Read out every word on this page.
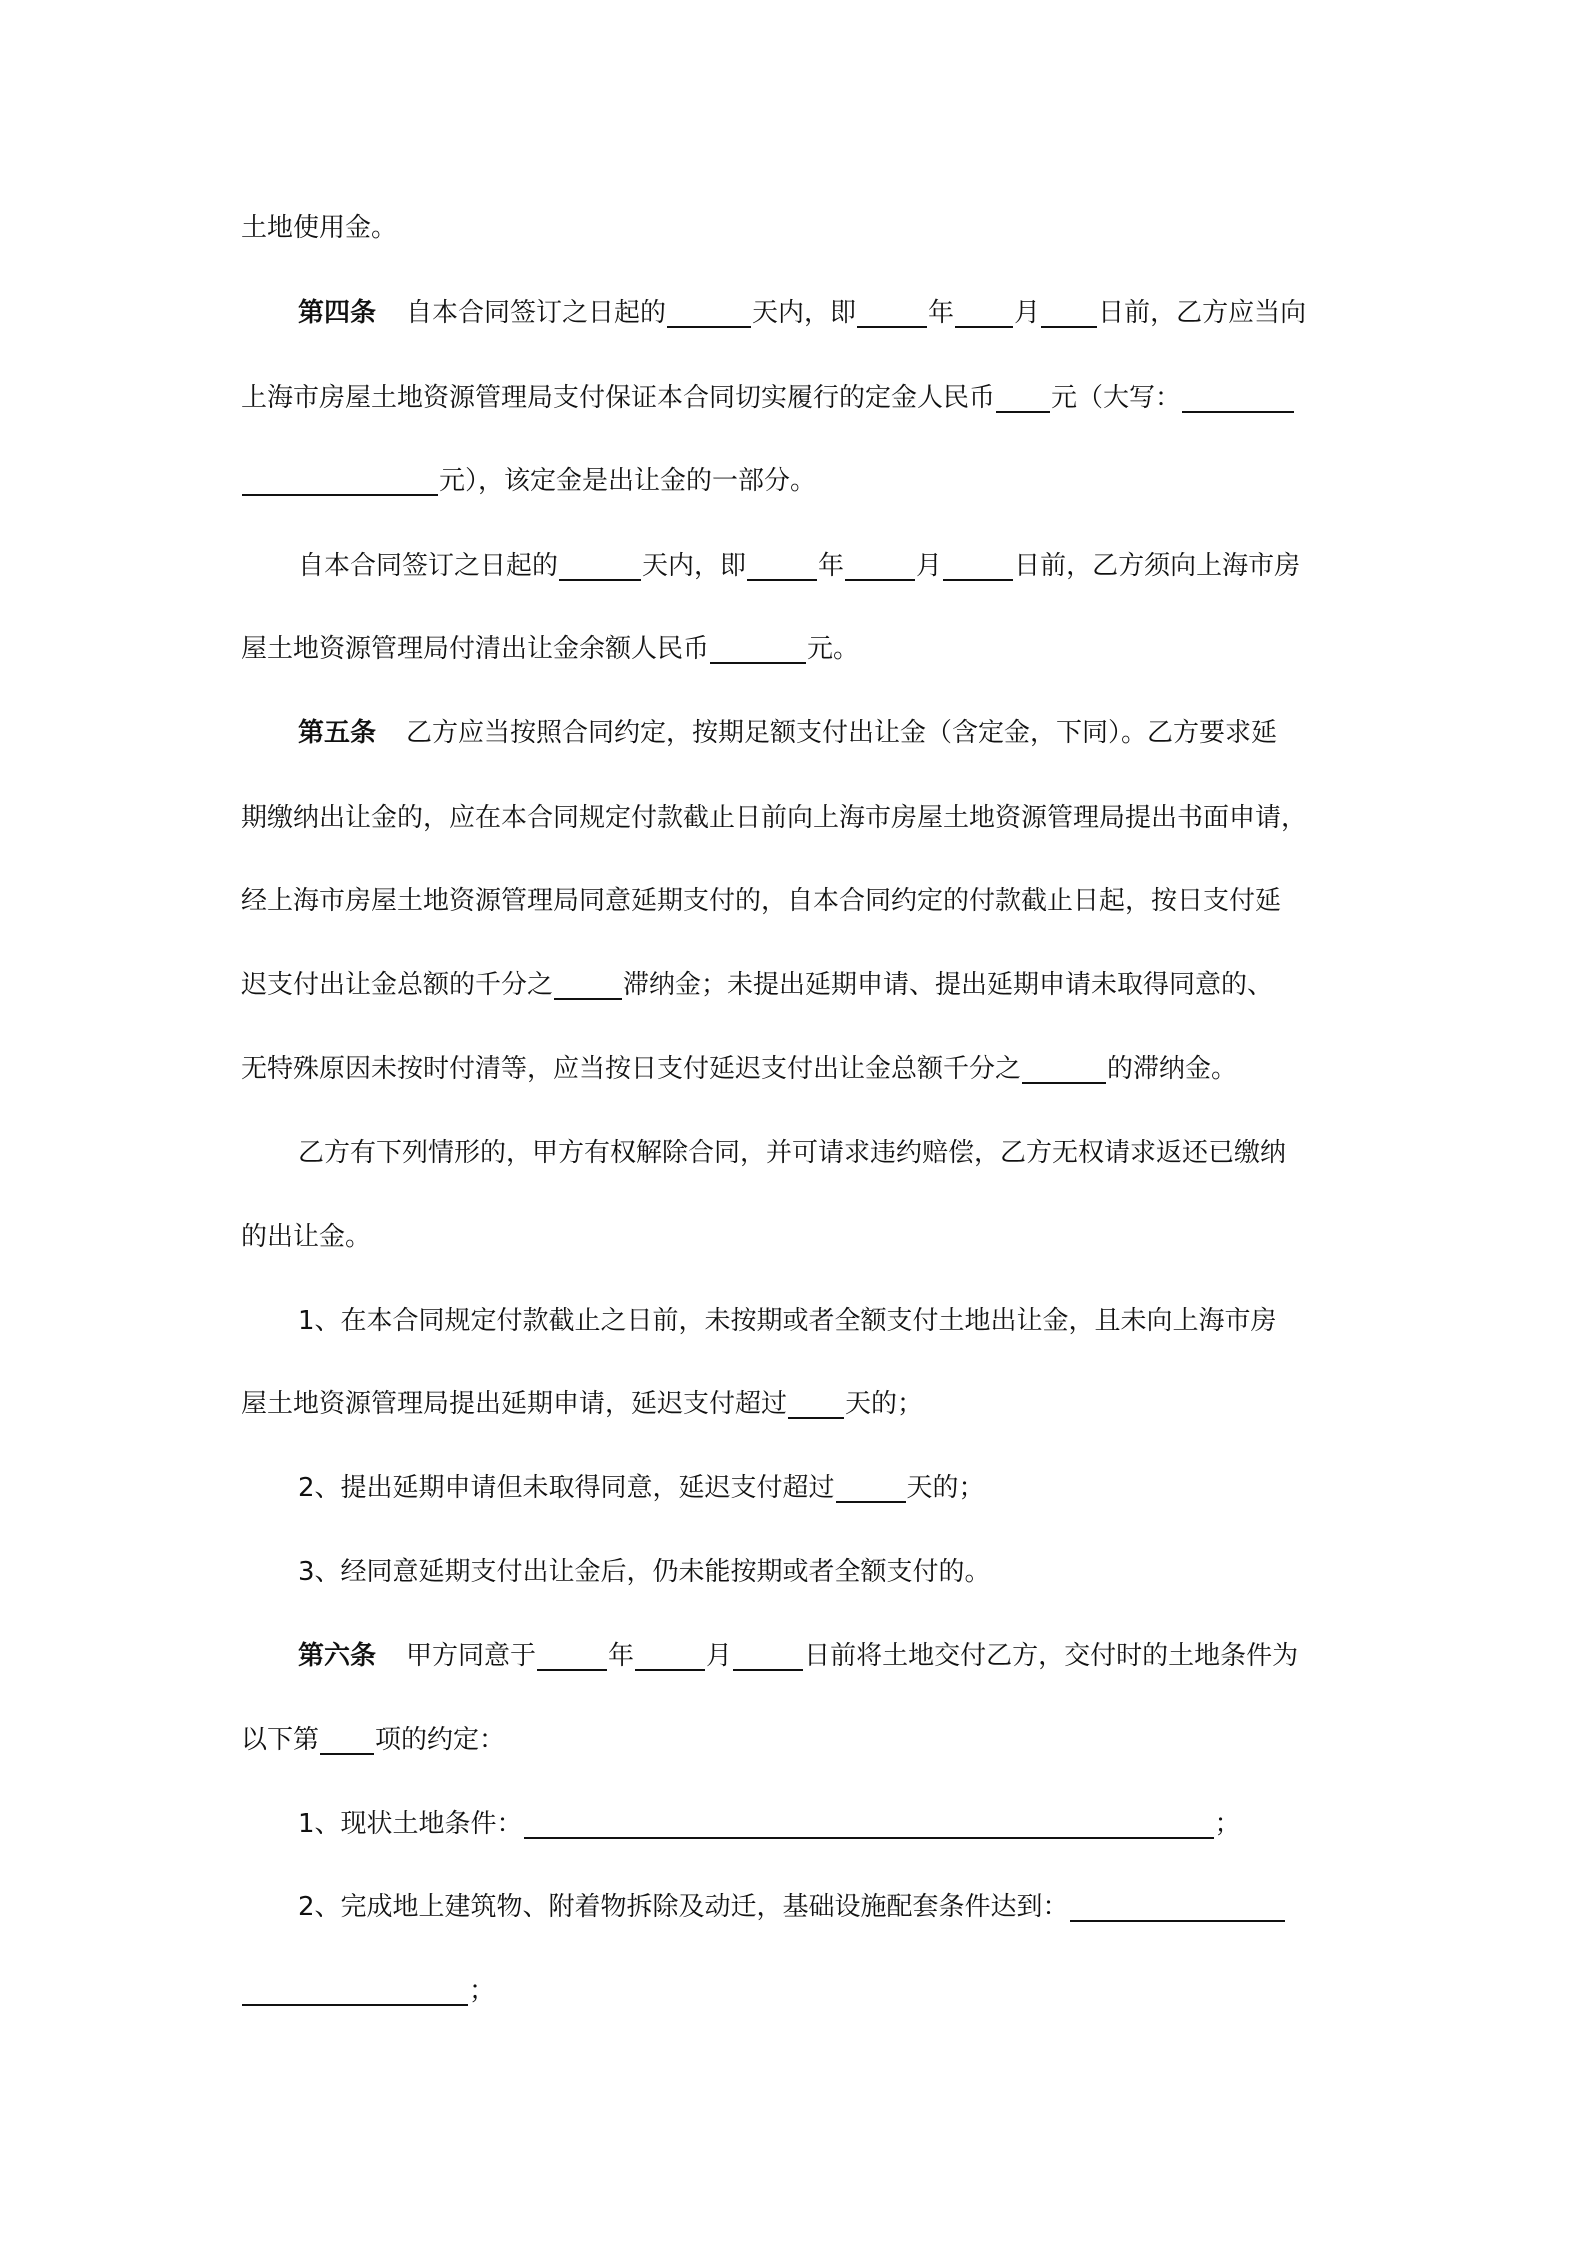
土地使用金。
第四条 自本合同签订之日起的	天内，即	年 月 日前，乙方应当向
上海市房屋土地资源管理局支付保证本合同切实履行的定金人民币 元（大写：
元），该定金是出让金的一部分。
自本合同签订之日起的	天内，即	年	月	日前，乙方须向上海市房
屋土地资源管理局付清出让金余额人民币	元。
第五条 乙方应当按照合同约定，按期足额支付出让金（含定金，下同）。乙方要求延
期缴纳出让金的，应在本合同规定付款截止日前向上海市房屋土地资源管理局提出书面申请，
经上海市房屋土地资源管理局同意延期支付的，自本合同约定的付款截止日起，按日支付延
迟支付出让金总额的千分之	滞纳金；未提出延期申请、提出延期申请未取得同意的、
无特殊原因未按时付清等，应当按日支付延迟支付出让金总额千分之	的滞纳金。
乙方有下列情形的，甲方有权解除合同，并可请求违约赔偿，乙方无权请求返还已缴纳
的出让金。
1、在本合同规定付款截止之日前，未按期或者全额支付土地出让金，且未向上海市房
屋土地资源管理局提出延期申请，延迟支付超过 天的；
2、提出延期申请但未取得同意，延迟支付超过	天的；
3、经同意延期支付出让金后，仍未能按期或者全额支付的。
第六条 甲方同意于	年	月	日前将土地交付乙方，交付时的土地条件为
以下第 项的约定：
1、现状土地条件：	；
2、完成地上建筑物、附着物拆除及动迁，基础设施配套条件达到：
；
